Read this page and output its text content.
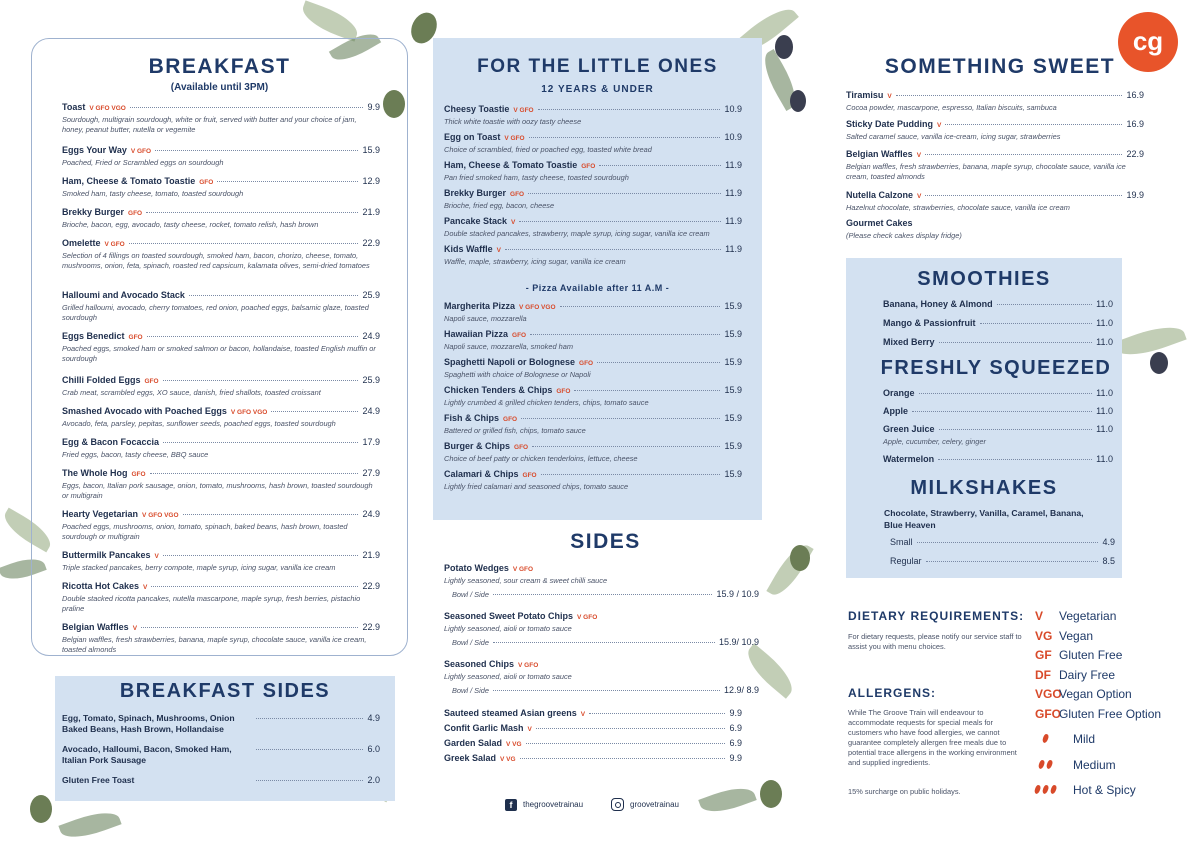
cg
BREAKFAST
(Available until 3PM)
Toast V GFO VGO	9.9
Sourdough, multigrain sourdough, white or fruit, served with butter and your choice of jam, honey, peanut butter, nutella or vegemite
Eggs Your Way V GFO	15.9
Poached, Fried or Scrambled eggs on sourdough
Ham, Cheese & Tomato Toastie GFO	12.9
Smoked ham, tasty cheese, tomato, toasted sourdough
Brekky Burger GFO	21.9
Brioche, bacon, egg, avocado, tasty cheese, rocket, tomato relish, hash brown
Omelette V GFO	22.9
Selection of 4 fillings on toasted sourdough, smoked ham, bacon, chorizo, cheese, tomato, mushrooms, onion, feta, spinach, roasted red capsicum, kalamata olives, semi-dried tomatoes
Halloumi and Avocado Stack	25.9
Grilled halloumi, avocado, cherry tomatoes, red onion, poached eggs, balsamic glaze, toasted sourdough
Eggs Benedict GFO	24.9
Poached eggs, smoked ham or smoked salmon or bacon, hollandaise, toasted English muffin or sourdough
Chilli Folded Eggs GFO	25.9
Crab meat, scrambled eggs, XO sauce, danish, fried shallots, toasted croissant
Smashed Avocado with Poached Eggs V GFO VGO	24.9
Avocado, feta, parsley, pepitas, sunflower seeds, poached eggs, toasted sourdough
Egg & Bacon Focaccia	17.9
Fried eggs, bacon, tasty cheese, BBQ sauce
The Whole Hog GFO	27.9
Eggs, bacon, Italian pork sausage, onion, tomato, mushrooms, hash brown, toasted sourdough or multigrain
Hearty Vegetarian V GFO VGO	24.9
Poached eggs, mushrooms, onion, tomato, spinach, baked beans, hash brown, toasted sourdough or multigrain
Buttermilk Pancakes V	21.9
Triple stacked pancakes, berry compote, maple syrup, icing sugar, vanilla ice cream
Ricotta Hot Cakes V	22.9
Double stacked ricotta pancakes, nutella mascarpone, maple syrup, fresh berries, pistachio praline
Belgian Waffles V	22.9
Belgian waffles, fresh strawberries, banana, maple syrup, chocolate sauce, vanilla ice cream, toasted almonds
BREAKFAST SIDES
Egg, Tomato, Spinach, Mushrooms, Onion Baked Beans, Hash Brown, Hollandaise
4.9
Avocado, Halloumi, Bacon, Smoked Ham, Italian Pork Sausage
6.0
Gluten Free Toast	2.0
FOR THE LITTLE ONES
12 YEARS & UNDER
Cheesy Toastie V GFO	10.9
Thick white toastie with oozy tasty cheese
Egg on Toast V GFO	10.9
Choice of scrambled, fried or poached egg, toasted white bread
Ham, Cheese & Tomato Toastie GFO	11.9
Pan fried smoked ham, tasty cheese, toasted sourdough
Brekky Burger GFO	11.9
Brioche, fried egg, bacon, cheese
Pancake Stack V	11.9
Double stacked pancakes, strawberry, maple syrup, icing sugar, vanilla ice cream
Kids Waffle V	11.9
Waffle, maple, strawberry, icing sugar, vanilla ice cream
- Pizza Available after 11 A.M -
Margherita Pizza V GFO VGO	15.9
Napoli sauce, mozzarella
Hawaiian Pizza GFO	15.9
Napoli sauce, mozzarella, smoked ham
Spaghetti Napoli or Bolognese GFO	15.9
Spaghetti with choice of Bolognese or Napoli
Chicken Tenders & Chips GFO	15.9
Lightly crumbed & grilled chicken tenders, chips, tomato sauce
Fish & Chips GFO	15.9
Battered or grilled fish, chips, tomato sauce
Burger & Chips GFO	15.9
Choice of beef patty or chicken tenderloins, lettuce, cheese
Calamari & Chips GFO	15.9
Lightly fried calamari and seasoned chips, tomato sauce
SIDES
Potato Wedges V GFO
Lightly seasoned, sour cream & sweet chilli sauce
Bowl / Side	15.9 / 10.9
Seasoned Sweet Potato Chips V GFO
Lightly seasoned, aioli or tomato sauce
Bowl / Side	15.9/ 10.9
Seasoned Chips V GFO
Lightly seasoned, aioli or tomato sauce
Bowl / Side	12.9/ 8.9
Sauteed steamed Asian greens V	9.9
Confit Garlic Mash V	6.9
Garden Salad V VG	6.9
Greek Salad V VG	9.9
f	thegroovetrainau	groovetrainau
SOMETHING SWEET
Tiramisu V	16.9
Cocoa powder, mascarpone, espresso, Italian biscuits, sambuca
Sticky Date Pudding V	16.9
Salted caramel sauce, vanilla ice-cream, icing sugar, strawberries
Belgian Waffles V	22.9
Belgian waffles, fresh strawberries, banana, maple syrup, chocolate sauce, vanilla ice cream, toasted almonds
Nutella Calzone V	19.9
Hazelnut chocolate, strawberries, chocolate sauce, vanilla ice cream
Gourmet Cakes
(Please check cakes display fridge)
SMOOTHIES
Banana, Honey & Almond	11.0
Mango & Passionfruit	11.0
Mixed Berry	11.0
FRESHLY SQUEEZED
Orange	11.0
Apple	11.0
Green Juice	11.0
Apple, cucumber, celery, ginger
Watermelon	11.0
MILKSHAKES
Chocolate, Strawberry, Vanilla, Caramel, Banana, Blue Heaven
Small	4.9
Regular	8.5
DIETARY REQUIREMENTS:
For dietary requests, please notify our service staff to assist you with menu choices.
ALLERGENS:
While The Groove Train will endeavour to accommodate requests for special meals for customers who have food allergies, we cannot guarantee completely allergen free meals due to potential trace allergens in the working environment and supplied ingredients.
15% surcharge on public holidays.
V	Vegetarian
VG Vegan
GF Gluten Free
DF Dairy Free
VGO
Vegan Option
GFO
Gluten Free Option
Mild
Medium
Hot & Spicy
